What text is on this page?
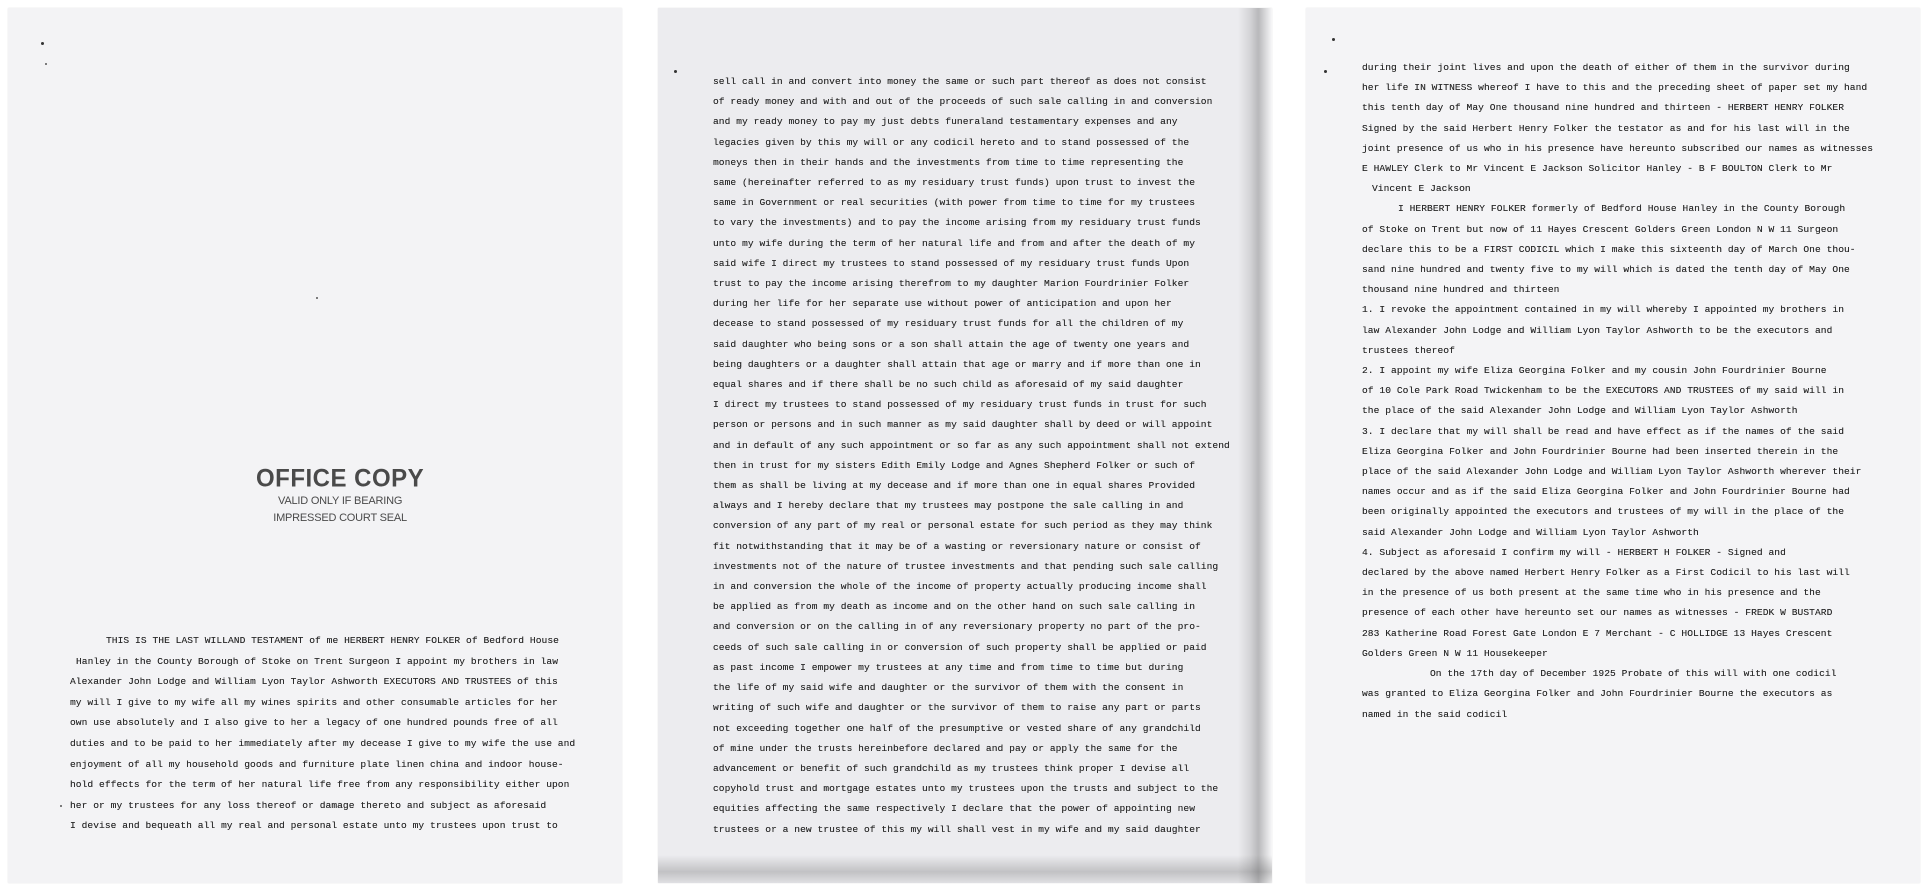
OFFICE COPY
VALID ONLY IF BEARING
IMPRESSED COURT SEAL
THIS IS THE LAST WILLAND TESTAMENT of me HERBERT HENRY FOLKER of Bedford House
Hanley in the County Borough of Stoke on Trent Surgeon I appoint my brothers in law
Alexander John Lodge and William Lyon Taylor Ashworth EXECUTORS AND TRUSTEES of this
my will I give to my wife all my wines spirits and other consumable articles for her
own use absolutely and I also give to her a legacy of one hundred pounds free of all
duties and to be paid to her immediately after my decease I give to my wife the use and
enjoyment of all my household goods and furniture plate linen china and indoor house-
hold effects for the term of her natural life free from any responsibility either upon
her or my trustees for any loss thereof or damage thereto and subject as aforesaid
I devise and bequeath all my real and personal estate unto my trustees upon trust to
sell call in and convert into money the same or such part thereof as does not consist
of ready money and with and out of the proceeds of such sale calling in and conversion
and my ready money to pay my just debts funeraland testamentary expenses and any
legacies given by this my will or any codicil hereto and to stand possessed of the
moneys then in their hands and the investments from time to time representing the
same (hereinafter referred to as my residuary trust funds) upon trust to invest the
same in Government or real securities (with power from time to time for my trustees
to vary the investments) and to pay the income arising from my residuary trust funds
unto my wife during the term of her natural life and from and after the death of my
said wife I direct my trustees to stand possessed of my residuary trust funds Upon
trust to pay the income arising therefrom to my daughter Marion Fourdrinier Folker
during her life for her separate use without power of anticipation and upon her
decease to stand possessed of my residuary trust funds for all the children of my
said daughter who being sons or a son shall attain the age of twenty one years and
being daughters or a daughter shall attain that age or marry and if more than one in
equal shares and if there shall be no such child as aforesaid of my said daughter
I direct my trustees to stand possessed of my residuary trust funds in trust for such
person or persons and in such manner as my said daughter shall by deed or will appoint
and in default of any such appointment or so far as any such appointment shall not extend
then in trust for my sisters Edith Emily Lodge and Agnes Shepherd Folker or such of
them as shall be living at my decease and if more than one in equal shares Provided
always and I hereby declare that my trustees may postpone the sale calling in and
conversion of any part of my real or personal estate for such period as they may think
fit notwithstanding that it may be of a wasting or reversionary nature or consist of
investments not of the nature of trustee investments and that pending such sale calling
in and conversion the whole of the income of property actually producing income shall
be applied as from my death as income and on the other hand on such sale calling in
and conversion or on the calling in of any reversionary property no part of the pro-
ceeds of such sale calling in or conversion of such property shall be applied or paid
as past income I empower my trustees at any time and from time to time but during
the life of my said wife and daughter or the survivor of them with the consent in
writing of such wife and daughter or the survivor of them to raise any part or parts
not exceeding together one half of the presumptive or vested share of any grandchild
of mine under the trusts hereinbefore declared and pay or apply the same for the
advancement or benefit of such grandchild as my trustees think proper I devise all
copyhold trust and mortgage estates unto my trustees upon the trusts and subject to the
equities affecting the same respectively I declare that the power of appointing new
trustees or a new trustee of this my will shall vest in my wife and my said daughter
during their joint lives and upon the death of either of them in the survivor during
her life IN WITNESS whereof I have to this and the preceding sheet of paper set my hand
this tenth day of May One thousand nine hundred and thirteen - HERBERT HENRY FOLKER
Signed by the said Herbert Henry Folker the testator as and for his last will in the
joint presence of us who in his presence have hereunto subscribed our names as witnesses
E HAWLEY Clerk to Mr Vincent E Jackson Solicitor Hanley - B F BOULTON Clerk to Mr
Vincent E Jackson
I HERBERT HENRY FOLKER formerly of Bedford House Hanley in the County Borough
of Stoke on Trent but now of 11 Hayes Crescent Golders Green London N W 11 Surgeon
declare this to be a FIRST CODICIL which I make this sixteenth day of March One thou-
sand nine hundred and twenty five to my will which is dated the tenth day of May One
thousand nine hundred and thirteen
1. I revoke the appointment contained in my will whereby I appointed my brothers in
law Alexander John Lodge and William Lyon Taylor Ashworth to be the executors and
trustees thereof
2. I appoint my wife Eliza Georgina Folker and my cousin John Fourdrinier Bourne
of 10 Cole Park Road Twickenham to be the EXECUTORS AND TRUSTEES of my said will in
the place of the said Alexander John Lodge and William Lyon Taylor Ashworth
3. I declare that my will shall be read and have effect as if the names of the said
Eliza Georgina Folker and John Fourdrinier Bourne had been inserted therein in the
place of the said Alexander John Lodge and William Lyon Taylor Ashworth wherever their
names occur and as if the said Eliza Georgina Folker and John Fourdrinier Bourne had
been originally appointed the executors and trustees of my will in the place of the
said Alexander John Lodge and William Lyon Taylor Ashworth
4. Subject as aforesaid I confirm my will - HERBERT H FOLKER - Signed and
declared by the above named Herbert Henry Folker as a First Codicil to his last will
in the presence of us both present at the same time who in his presence and the
presence of each other have hereunto set our names as witnesses - FREDK W BUSTARD
283 Katherine Road Forest Gate London E 7 Merchant - C HOLLIDGE 13 Hayes Crescent
Golders Green N W 11 Housekeeper
On the 17th day of December 1925 Probate of this will with one codicil
was granted to Eliza Georgina Folker and John Fourdrinier Bourne the executors as
named in the said codicil
